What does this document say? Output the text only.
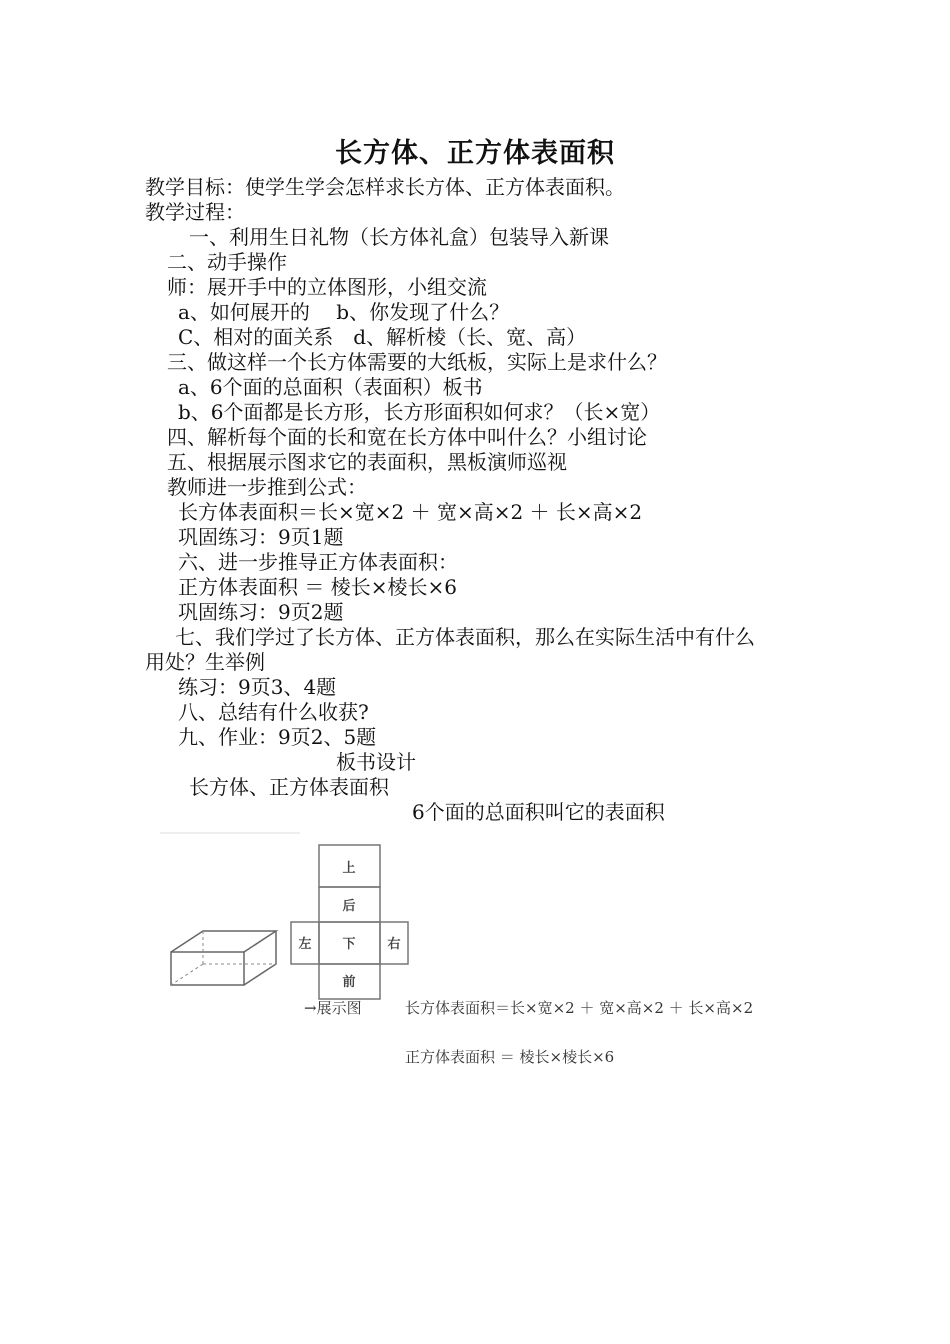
长方体、正方体表面积
教学目标：使学生学会怎样求长方体、正方体表面积。
教学过程：
一、利用生日礼物（长方体礼盒）包装导入新课
二、动手操作
师：展开手中的立体图形，小组交流
a、如何展开的　 b、你发现了什么？
C、相对的面关系　d、解析棱（长、宽、高）
三、做这样一个长方体需要的大纸板，实际上是求什么？
a、6个面的总面积（表面积）板书
b、6个面都是长方形，长方形面积如何求？（长×宽）
四、解析每个面的长和宽在长方体中叫什么？小组讨论
五、根据展示图求它的表面积，黑板演师巡视
教师进一步推到公式：
长方体表面积＝长×宽×2 ＋ 宽×高×2 ＋ 长×高×2
巩固练习：9页1题
六、进一步推导正方体表面积：
正方体表面积 ＝ 棱长×棱长×6
巩固练习：9页2题
七、我们学过了长方体、正方体表面积，那么在实际生活中有什么
用处？生举例
练习：9页3、4题
八、总结有什么收获?
九、作业：9页2、5题
板书设计
长方体、正方体表面积
6个面的总面积叫它的表面积
上
后
左 下 右
前
→展示图	长方体表面积＝长×宽×2 ＋ 宽×高×2 ＋ 长×高×2
正方体表面积 ＝ 棱长×棱长×6
